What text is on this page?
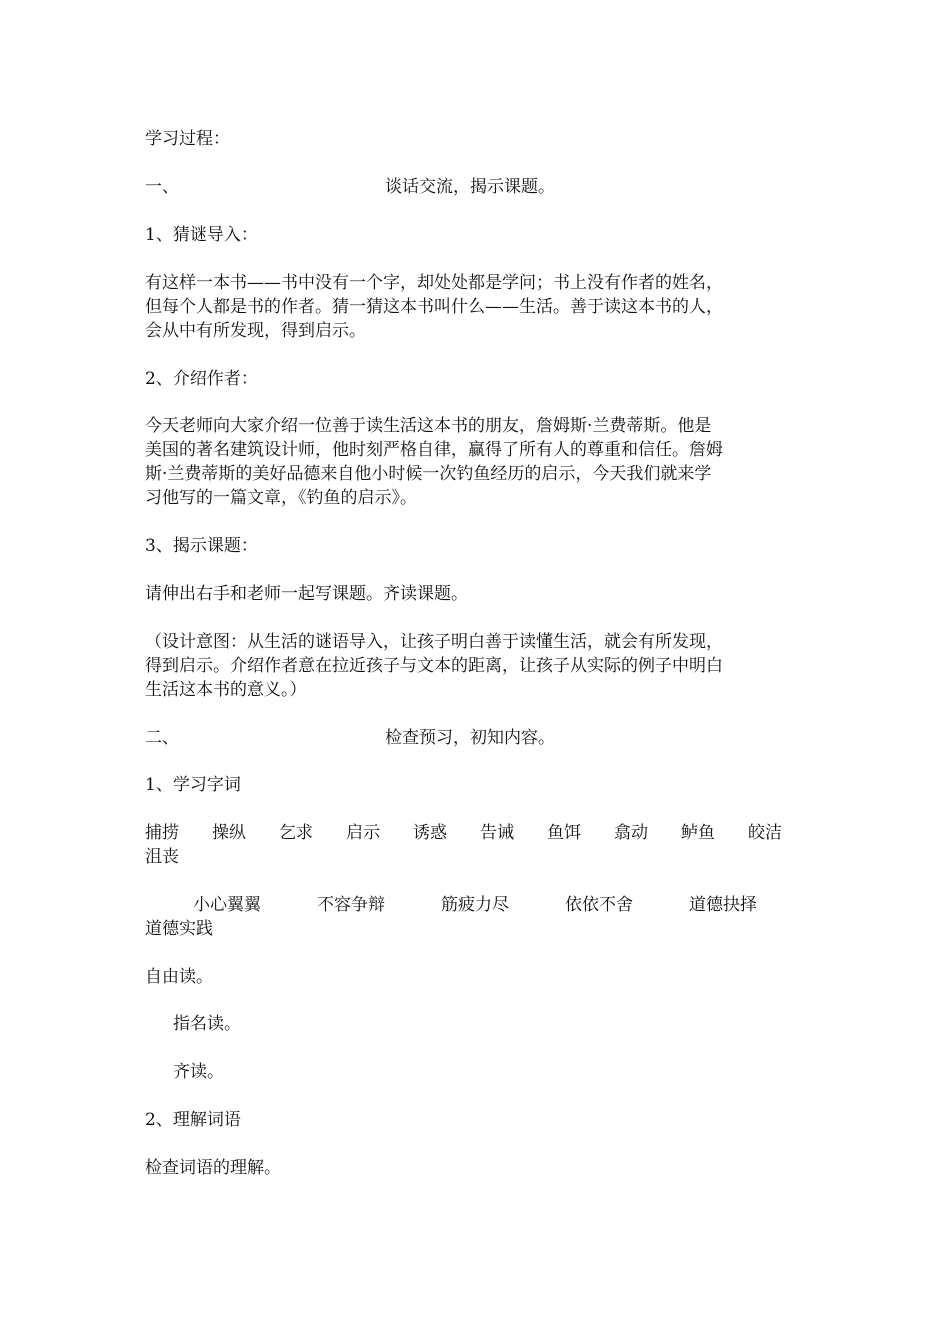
学习过程：
一、	谈话交流，揭示课题。
1、猜谜导入：
有这样一本书——书中没有一个字，却处处都是学问；书上没有作者的姓名，
但每个人都是书的作者。猜一猜这本书叫什么——生活。善于读这本书的人，
会从中有所发现，得到启示。
2、介绍作者：
今天老师向大家介绍一位善于读生活这本书的朋友，詹姆斯·兰费蒂斯。他是
美国的著名建筑设计师，他时刻严格自律，赢得了所有人的尊重和信任。詹姆
斯·兰费蒂斯的美好品德来自他小时候一次钓鱼经历的启示，今天我们就来学
习他写的一篇文章，《钓鱼的启示》。
3、揭示课题：
请伸出右手和老师一起写课题。齐读课题。
（设计意图：从生活的谜语导入，让孩子明白善于读懂生活，就会有所发现，
得到启示。介绍作者意在拉近孩子与文本的距离，让孩子从实际的例子中明白
生活这本书的意义。）
二、	检查预习，初知内容。
1、学习字词
捕捞 操纵 乞求 启示 诱惑 告诫 鱼饵 翕动 鲈鱼 皎洁
沮丧
小心翼翼	不容争辩	筋疲力尽	依依不舍	道德抉择
道德实践
自由读。
指名读。
齐读。
2、理解词语
检查词语的理解。
